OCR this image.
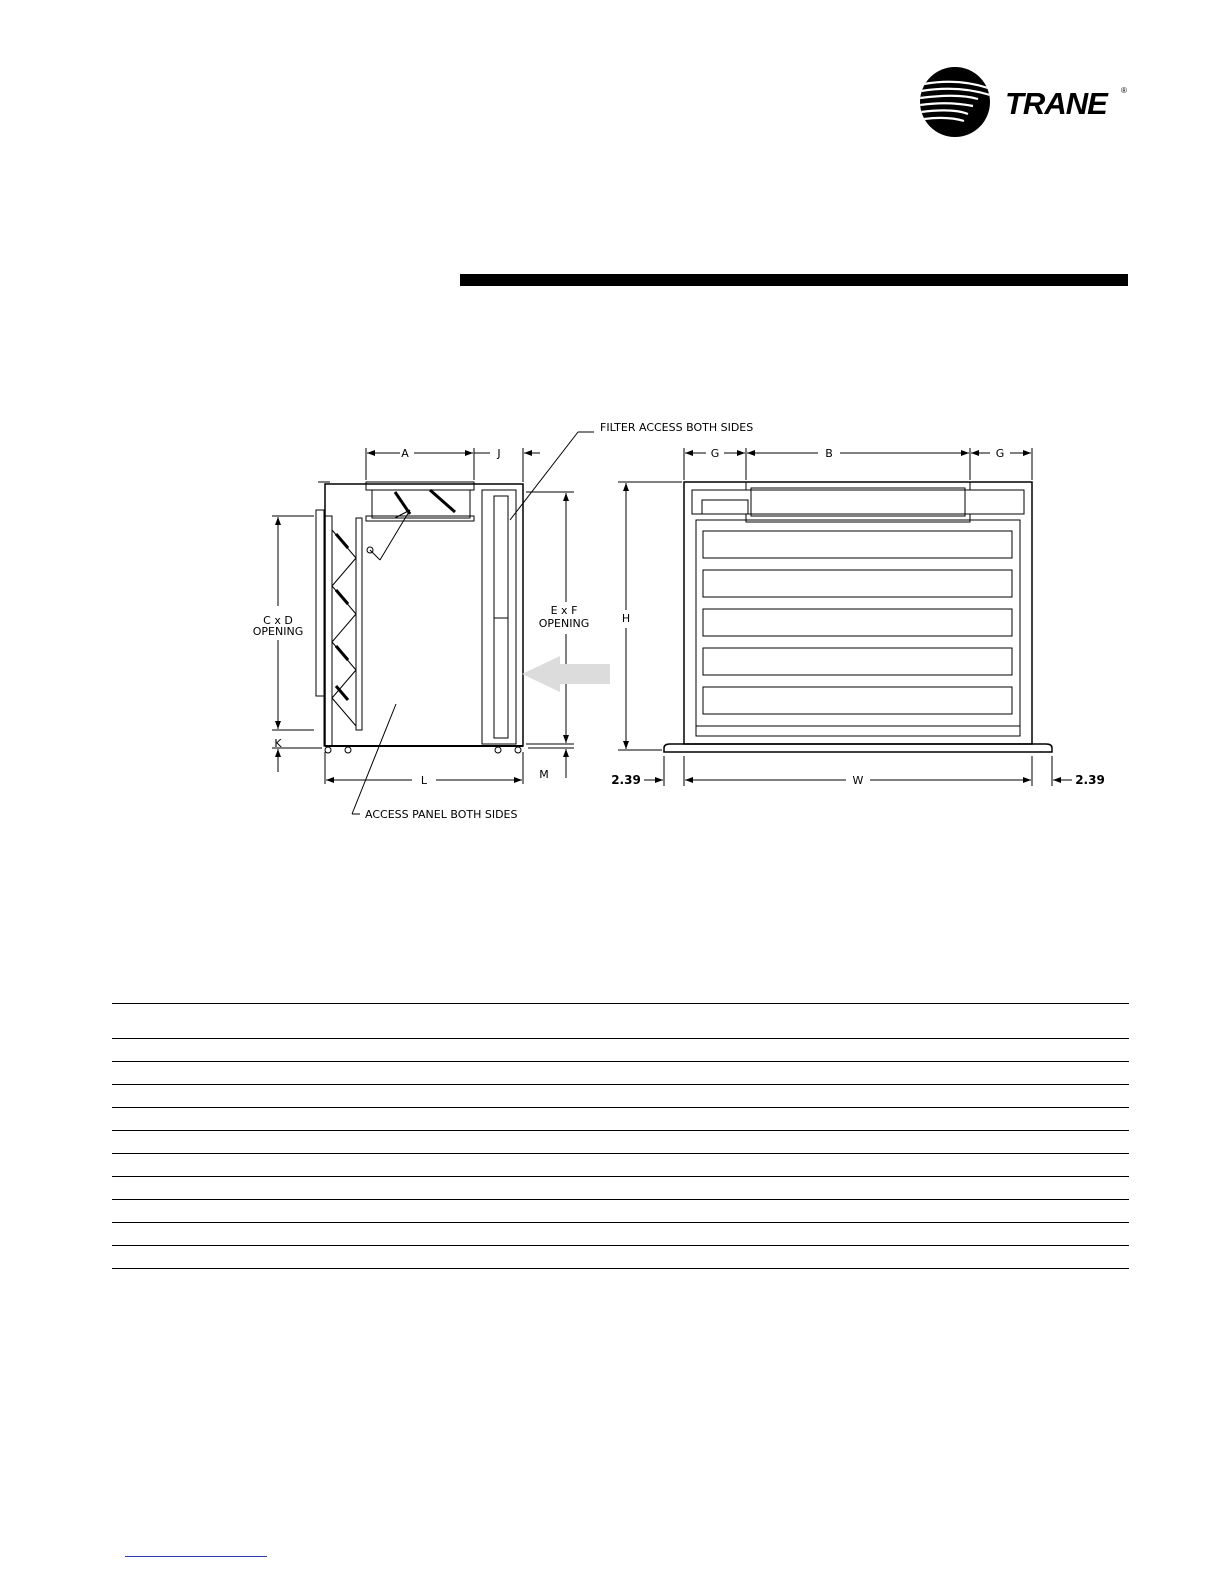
TRANE ®
A	J
C x D
OPENING
K
E x F
OPENING
L	M
FILTER ACCESS BOTH SIDES
ACCESS PANEL BOTH SIDES
G	B	G
H
W
2.39	2.39
